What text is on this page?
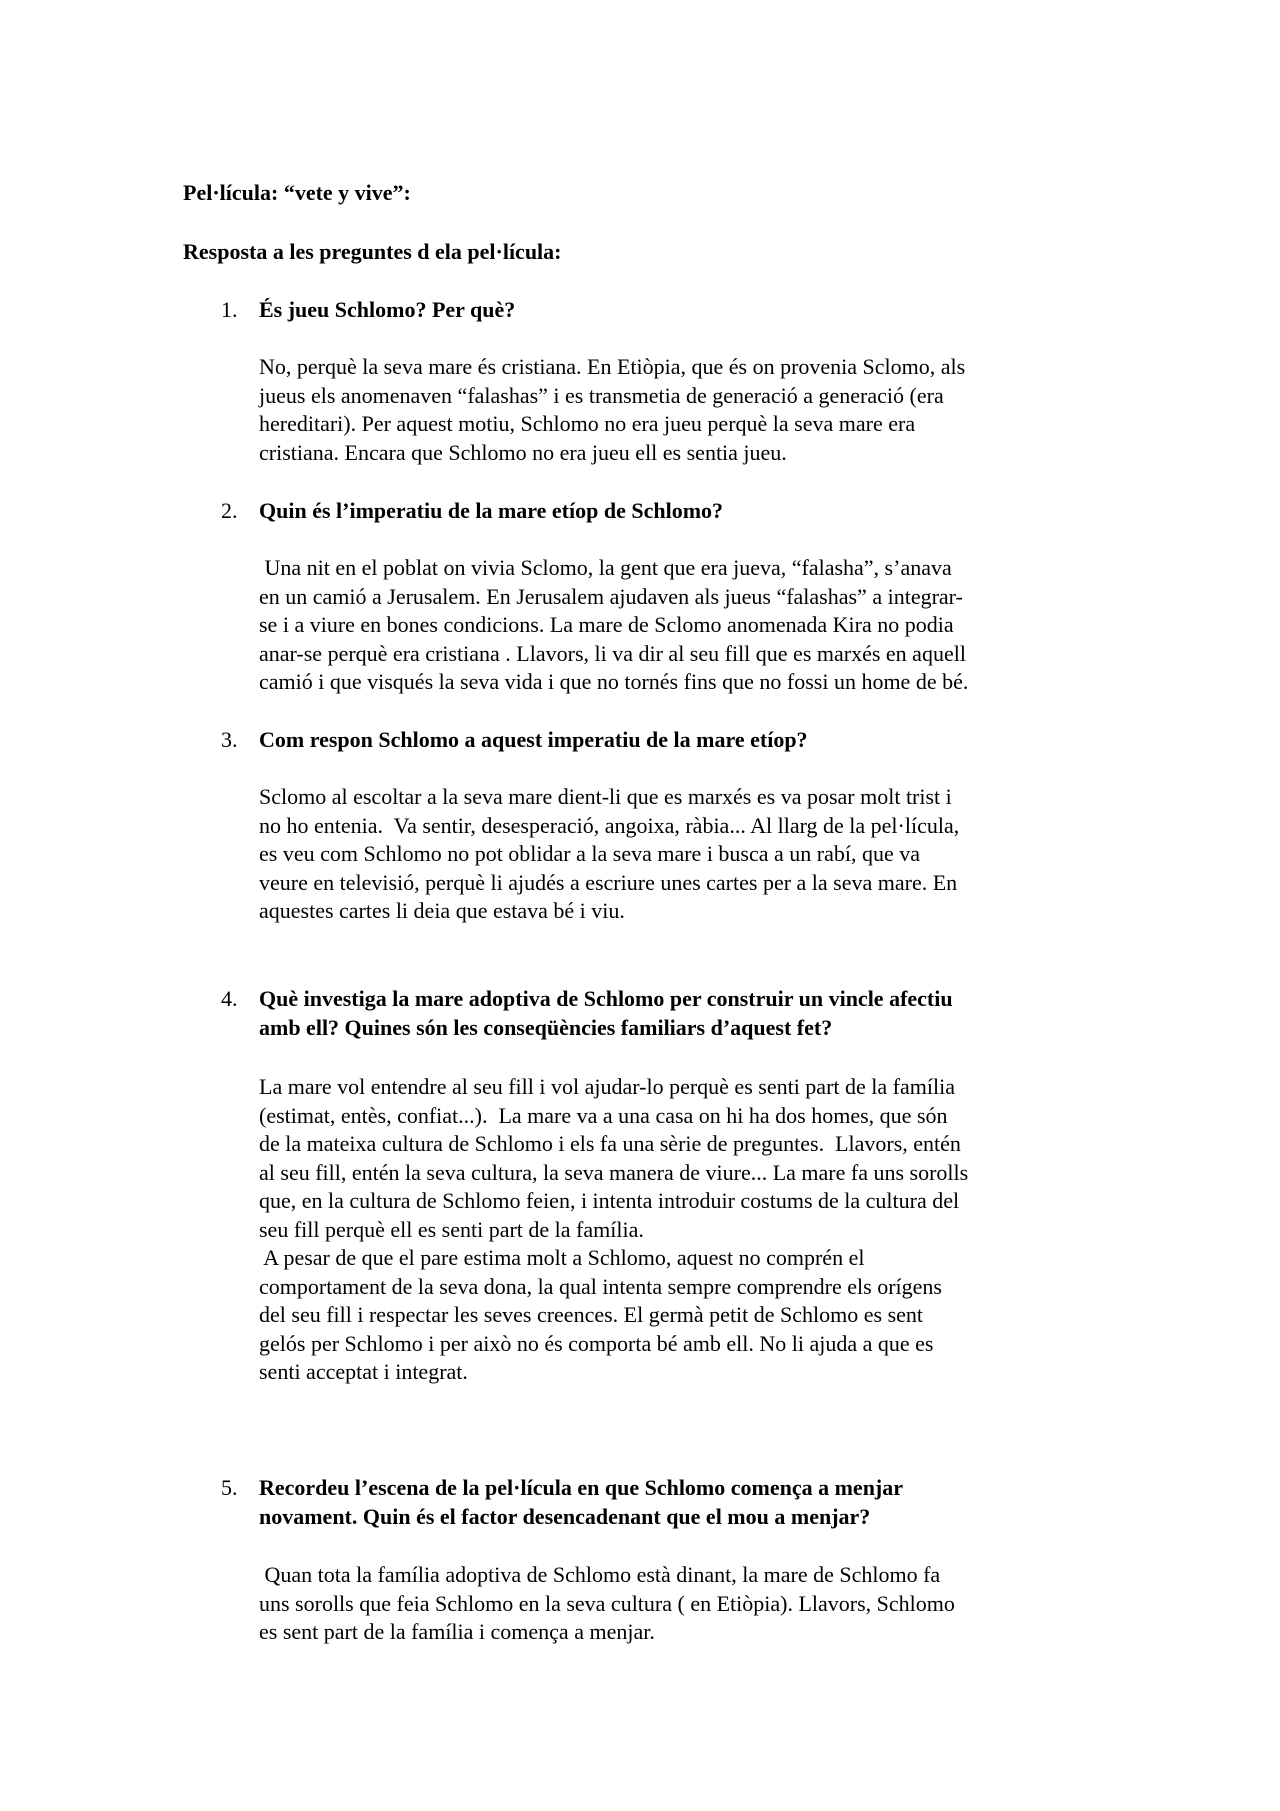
Pel·lícula: “vete y vive”:
Resposta a les preguntes d ela pel·lícula:
1. És jueu Schlomo? Per què?
No, perquè la seva mare és cristiana. En Etiòpia, que és on provenia Sclomo, als
jueus els anomenaven “falashas” i es transmetia de generació a generació (era
hereditari). Per aquest motiu, Schlomo no era jueu perquè la seva mare era
cristiana. Encara que Schlomo no era jueu ell es sentia jueu.
2. Quin és l’imperatiu de la mare etíop de Schlomo?
Una nit en el poblat on vivia Sclomo, la gent que era jueva, “falasha”, s’anava
en un camió a Jerusalem. En Jerusalem ajudaven als jueus “falashas” a integrar-
se i a viure en bones condicions. La mare de Sclomo anomenada Kira no podia
anar-se perquè era cristiana . Llavors, li va dir al seu fill que es marxés en aquell
camió i que visqués la seva vida i que no tornés fins que no fossi un home de bé.
3. Com respon Schlomo a aquest imperatiu de la mare etíop?
Sclomo al escoltar a la seva mare dient-li que es marxés es va posar molt trist i
no ho entenia.  Va sentir, desesperació, angoixa, ràbia... Al llarg de la pel·lícula,
es veu com Schlomo no pot oblidar a la seva mare i busca a un rabí, que va
veure en televisió, perquè li ajudés a escriure unes cartes per a la seva mare. En
aquestes cartes li deia que estava bé i viu.
4. Què investiga la mare adoptiva de Schlomo per construir un vincle afectiu
amb ell? Quines són les conseqüències familiars d’aquest fet?
La mare vol entendre al seu fill i vol ajudar-lo perquè es senti part de la família
(estimat, entès, confiat...).  La mare va a una casa on hi ha dos homes, que són
de la mateixa cultura de Schlomo i els fa una sèrie de preguntes.  Llavors, entén
al seu fill, entén la seva cultura, la seva manera de viure... La mare fa uns sorolls
que, en la cultura de Schlomo feien, i intenta introduir costums de la cultura del
seu fill perquè ell es senti part de la família.
A pesar de que el pare estima molt a Schlomo, aquest no comprén el
comportament de la seva dona, la qual intenta sempre comprendre els orígens
del seu fill i respectar les seves creences. El germà petit de Schlomo es sent
gelós per Schlomo i per això no és comporta bé amb ell. No li ajuda a que es
senti acceptat i integrat.
5. Recordeu l’escena de la pel·lícula en que Schlomo comença a menjar
novament. Quin és el factor desencadenant que el mou a menjar?
Quan tota la família adoptiva de Schlomo està dinant, la mare de Schlomo fa
uns sorolls que feia Schlomo en la seva cultura ( en Etiòpia). Llavors, Schlomo
es sent part de la família i comença a menjar.
